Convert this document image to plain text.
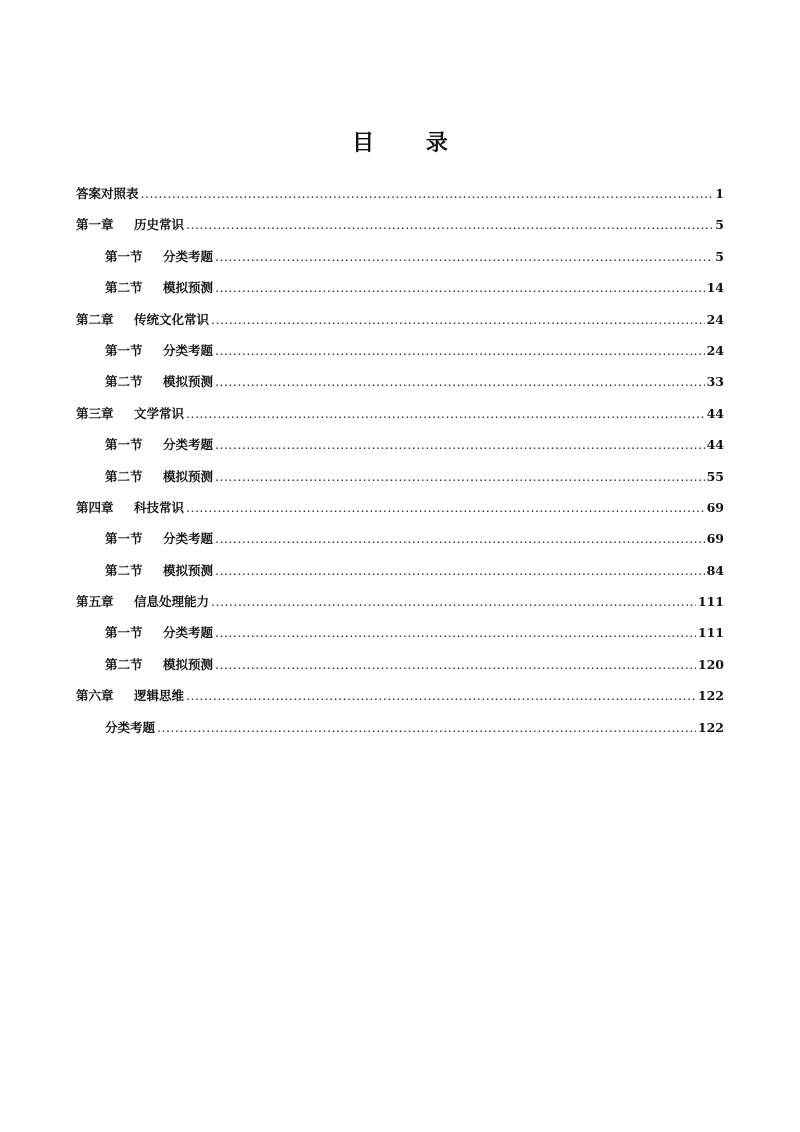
目 录
答案对照表 .....	1
第一章	历史常识 .....	5
第一节	分类考题 .....	5
第二节	模拟预测 .....	14
第二章	传统文化常识 .....	24
第一节	分类考题 .....	24
第二节	模拟预测 .....	33
第三章	文学常识 .....	44
第一节	分类考题 .....	44
第二节	模拟预测 .....	55
第四章	科技常识 .....	69
第一节	分类考题 .....	69
第二节	模拟预测 .....	84
第五章	信息处理能力 .....	111
第一节	分类考题 .....	111
第二节	模拟预测 .....	120
第六章	逻辑思维 .....	122
分类考题 .....	122
